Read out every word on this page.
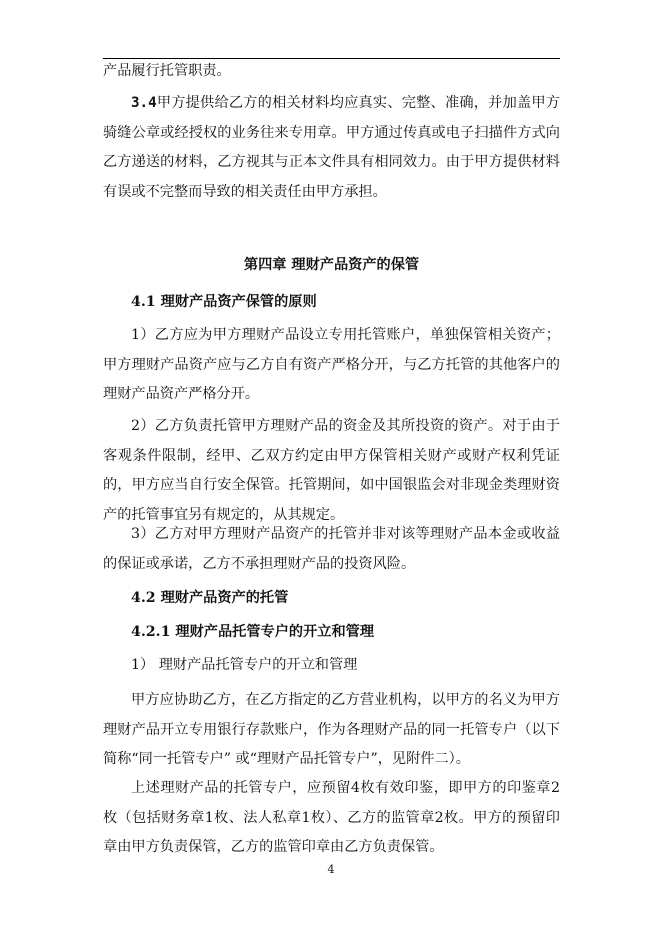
产品履行托管职责。

3.4甲方提供给乙方的相关材料均应真实、完整、准确，并加盖甲方骑缝公章或经授权的业务往来专用章。甲方通过传真或电子扫描件方式向乙方递送的材料，乙方视其与正本文件具有相同效力。由于甲方提供材料有误或不完整而导致的相关责任由甲方承担。

第四章 理财产品资产的保管

4.1 理财产品资产保管的原则

1）乙方应为甲方理财产品设立专用托管账户，单独保管相关资产；甲方理财产品资产应与乙方自有资产严格分开，与乙方托管的其他客户的理财产品资产严格分开。

2）乙方负责托管甲方理财产品的资金及其所投资的资产。对于由于客观条件限制，经甲、乙双方约定由甲方保管相关财产或财产权利凭证的，甲方应当自行安全保管。托管期间，如中国银监会对非现金类理财资产的托管事宜另有规定的，从其规定。

3）乙方对甲方理财产品资产的托管并非对该等理财产品本金或收益的保证或承诺，乙方不承担理财产品的投资风险。

4.2 理财产品资产的托管

4.2.1 理财产品托管专户的开立和管理

1） 理财产品托管专户的开立和管理

甲方应协助乙方，在乙方指定的乙方营业机构，以甲方的名义为甲方理财产品开立专用银行存款账户，作为各理财产品的同一托管专户（以下简称“同一托管专户” 或“理财产品托管专户”，见附件二）。

上述理财产品的托管专户，应预留4枚有效印鉴，即甲方的印鉴章2枚（包括财务章1枚、法人私章1枚）、乙方的监管章2枚。甲方的预留印章由甲方负责保管，乙方的监管印章由乙方负责保管。

4
